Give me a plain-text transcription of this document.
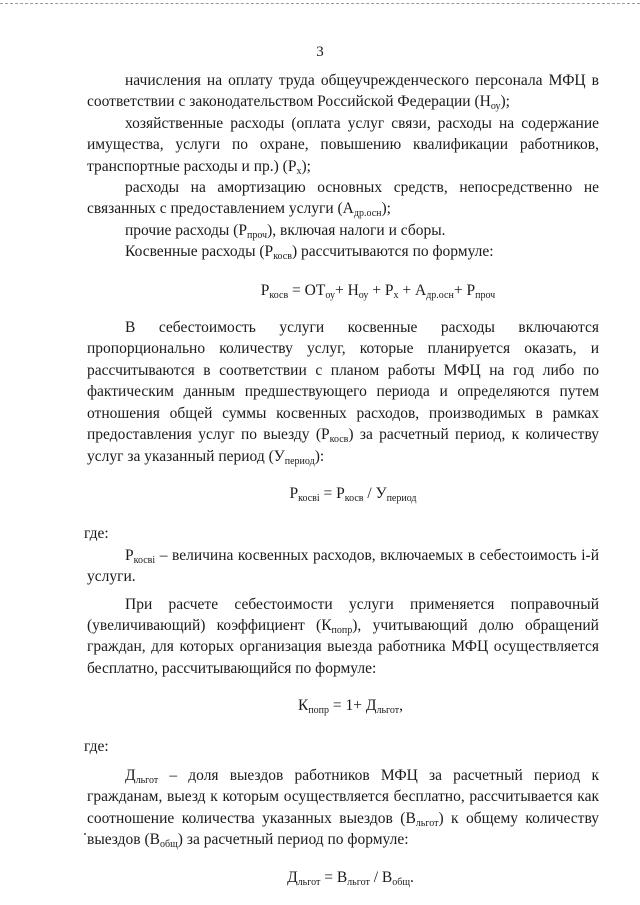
3

начисления на оплату труда общеучрежденческого персонала МФЦ в соответствии с законодательством Российской Федерации $(Н_{оу})$;

хозяйственные расходы (оплата услуг связи, расходы на содержание имущества, услуги по охране, повышению квалификации работников, транспортные расходы и пр.) $(Р_х)$;

расходы на амортизацию основных средств, непосредственно не связанных с предоставлением услуги $(А_{др.осн})$;

прочие расходы $(Р_{проч})$, включая налоги и сборы.

Косвенные расходы $(Р_{косв})$ рассчитываются по формуле:

$Р_{косв} = ОТ_{оу}+ Н_{оу} + Р_х + А_{др.осн}+ Р_{проч}$

В себестоимость услуги косвенные расходы включаются пропорционально количеству услуг, которые планируется оказать, и рассчитываются в соответствии с планом работы МФЦ на год либо по фактическим данным предшествующего периода и определяются путем отношения общей суммы косвенных расходов, производимых в рамках предоставления услуг по выезду $(Р_{косв})$ за расчетный период, к количеству услуг за указанный период $(У_{период})$:

$Р_{косвi} = Р_{косв} / У_{период}$

где:

$Р_{косвi}$ – величина косвенных расходов, включаемых в себестоимость i-й услуги.

При расчете себестоимости услуги применяется поправочный (увеличивающий) коэффициент $(К_{попр})$, учитывающий долю обращений граждан, для которых организация выезда работника МФЦ осуществляется бесплатно, рассчитывающийся по формуле:

$К_{попр} = 1+ Д_{льгот}$,

где:

$Д_{льгот}$ – доля выездов работников МФЦ за расчетный период к гражданам, выезд к которым осуществляется бесплатно, рассчитывается как соотношение количества указанных выездов $(В_{льгот})$ к общему количеству выездов $(В_{общ})$ за расчетный период по формуле:

$Д_{льгот} = В_{льгот} / В_{общ}$.
